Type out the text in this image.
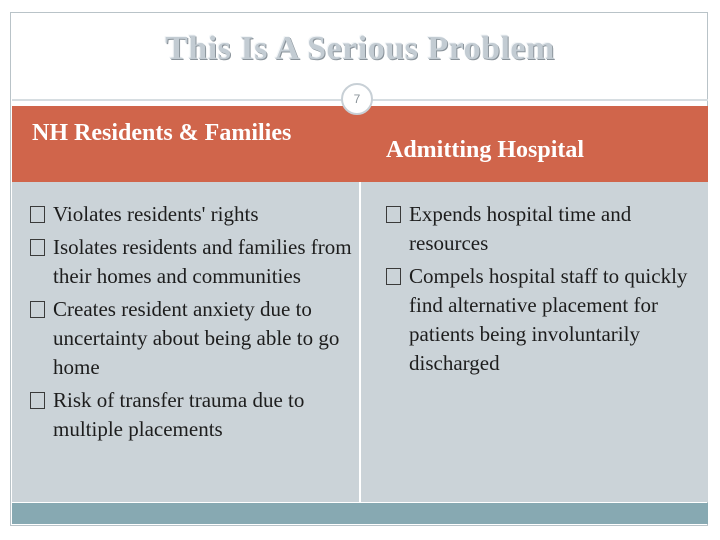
This Is A Serious Problem
7
NH Residents & Families
Admitting Hospital
Violates residents' rights
Isolates residents and families from their homes and communities
Creates resident anxiety due to uncertainty about being able to go home
Risk of transfer trauma due to multiple placements
Expends hospital time and resources
Compels hospital staff to quickly find alternative placement for patients being involuntarily discharged
